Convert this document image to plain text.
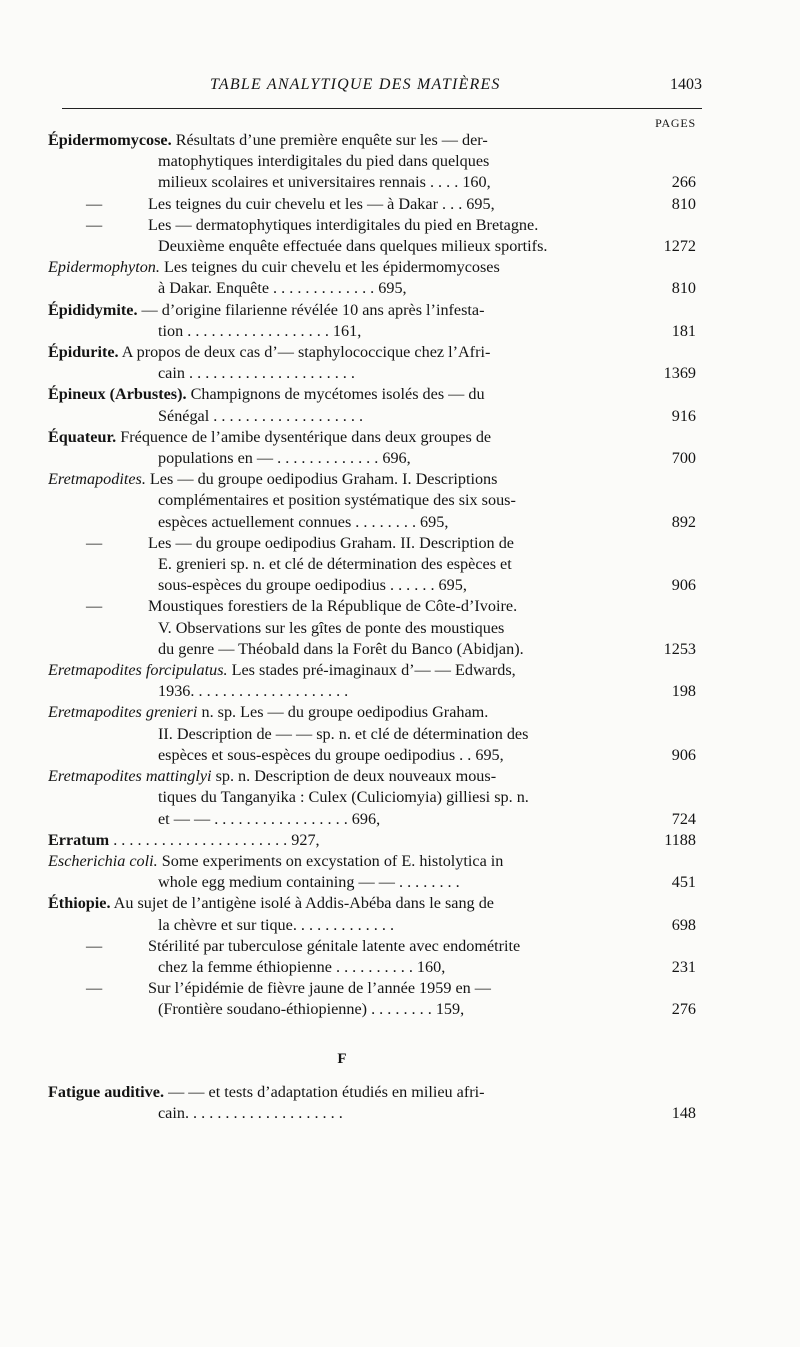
TABLE ANALYTIQUE DES MATIÈRES	1403
PAGES
Épidermomycose. Résultats d’une première enquête sur les — der-
matophytiques interdigitales du pied dans quelques
milieux scolaires et universitaires rennais . . . . 160,	266
—	Les teignes du cuir chevelu et les — à Dakar . . . 695,	810
—	Les — dermatophytiques interdigitales du pied en Bretagne.
Deuxième enquête effectuée dans quelques milieux sportifs.	1272
Epidermophyton. Les teignes du cuir chevelu et les épidermomycoses
à Dakar. Enquête . . . . . . . . . . . . . 695,	810
Épididymite. — d’origine filarienne révélée 10 ans après l’infesta-
tion . . . . . . . . . . . . . . . . . . 161,	181
Épidurite. A propos de deux cas d’— staphylococcique chez l’Afri-
cain . . . . . . . . . . . . . . . . . . . . .	1369
Épineux (Arbustes). Champignons de mycétomes isolés des — du
Sénégal . . . . . . . . . . . . . . . . . . .	916
Équateur. Fréquence de l’amibe dysentérique dans deux groupes de
populations en — . . . . . . . . . . . . . 696,	700
Eretmapodites. Les — du groupe oedipodius Graham. I. Descriptions
complémentaires et position systématique des six sous-
espèces actuellement connues . . . . . . . . 695,	892
—	Les — du groupe oedipodius Graham. II. Description de
E. grenieri sp. n. et clé de détermination des espèces et
sous-espèces du groupe oedipodius . . . . . . 695,	906
—	Moustiques forestiers de la République de Côte-d’Ivoire.
V. Observations sur les gîtes de ponte des moustiques
du genre — Théobald dans la Forêt du Banco (Abidjan).	1253
Eretmapodites forcipulatus. Les stades pré-imaginaux d’— — Edwards,
1936. . . . . . . . . . . . . . . . . . . .	198
Eretmapodites grenieri n. sp. Les — du groupe oedipodius Graham.
II. Description de — — sp. n. et clé de détermination des
espèces et sous-espèces du groupe oedipodius . . 695,	906
Eretmapodites mattinglyi sp. n. Description de deux nouveaux mous-
tiques du Tanganyika : Culex (Culiciomyia) gilliesi sp. n.
et — — . . . . . . . . . . . . . . . . . 696,	724
Erratum . . . . . . . . . . . . . . . . . . . . . . 927,	1188
Escherichia coli. Some experiments on excystation of E. histolytica in
whole egg medium containing — — . . . . . . . .	451
Éthiopie. Au sujet de l’antigène isolé à Addis-Abéba dans le sang de
la chèvre et sur tique. . . . . . . . . . . . .	698
—	Stérilité par tuberculose génitale latente avec endométrite
chez la femme éthiopienne . . . . . . . . . . 160,	231
—	Sur l’épidémie de fièvre jaune de l’année 1959 en —
(Frontière soudano-éthiopienne) . . . . . . . . 159,	276
F
Fatigue auditive. — — et tests d’adaptation étudiés en milieu afri-
cain. . . . . . . . . . . . . . . . . . . .	148
